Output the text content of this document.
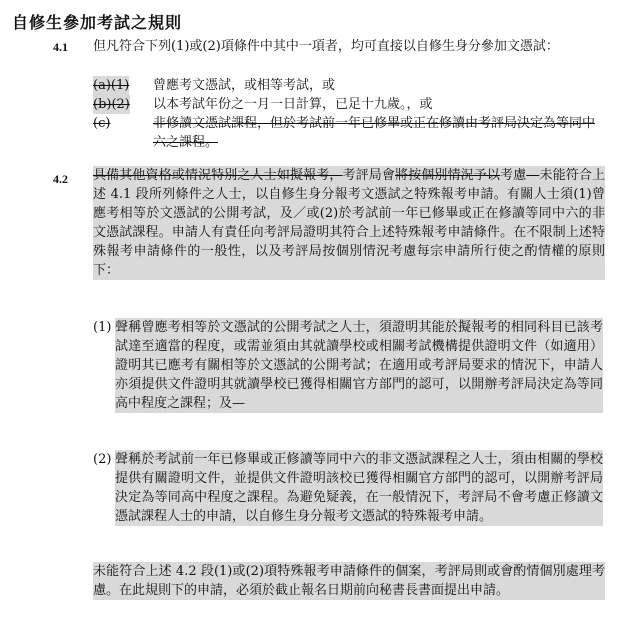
自修生參加考試之規則
4.1 但凡符合下列(1)或(2)項條件中其中一項者，均可直接以自修生身分參加文憑試：

(a)(1) 曾應考文憑試，或相等考試，或
(b)(2) 以本考試年份之一月一日計算，已足十九歲。，或
(c)	非修讀文憑試課程，但於考試前一年已修畢或正在修讀由考評局決定為等同中六之課程。
4.2 具備其他資格或情況特別之人士如擬報考，考評局會將按個別情況予以考慮—未能符合上述 4.1 段所列條件之人士，以自修生身分報考文憑試之特殊報考申請。有關人士須(1)曾應考相等於文憑試的公開考試，及／或(2)於考試前一年已修畢或正在修讀等同中六的非文憑試課程。申請人有責任向考評局證明其符合上述特殊報考申請條件。在不限制上述特殊報考申請條件的一般性，以及考評局按個別情況考慮每宗申請所行使之酌情權的原則下：

(1) 聲稱曾應考相等於文憑試的公開考試之人士，須證明其能於擬報考的相同科目已該考試達至適當的程度，或需並須由其就讀學校或相關考試機構提供證明文件（如適用）證明其已應考有關相等於文憑試的公開考試；在適用或考評局要求的情況下，申請人亦須提供文件證明其就讀學校已獲得相關官方部門的認可，以開辦考評局決定為等同高中程度之課程；及—
(2) 聲稱於考試前一年已修畢或正修讀等同中六的非文憑試課程之人士，須由相關的學校提供有關證明文件，並提供文件證明該校已獲得相關官方部門的認可，以開辦考評局決定為等同高中程度之課程。為避免疑義，在一般情況下，考評局不會考慮正修讀文憑試課程人士的申請，以自修生身分報考文憑試的特殊報考申請。

未能符合上述 4.2 段(1)或(2)項特殊報考申請條件的個案，考評局則或會酌情個別處理考慮。在此規則下的申請，必須於截止報名日期前向秘書長書面提出申請。
